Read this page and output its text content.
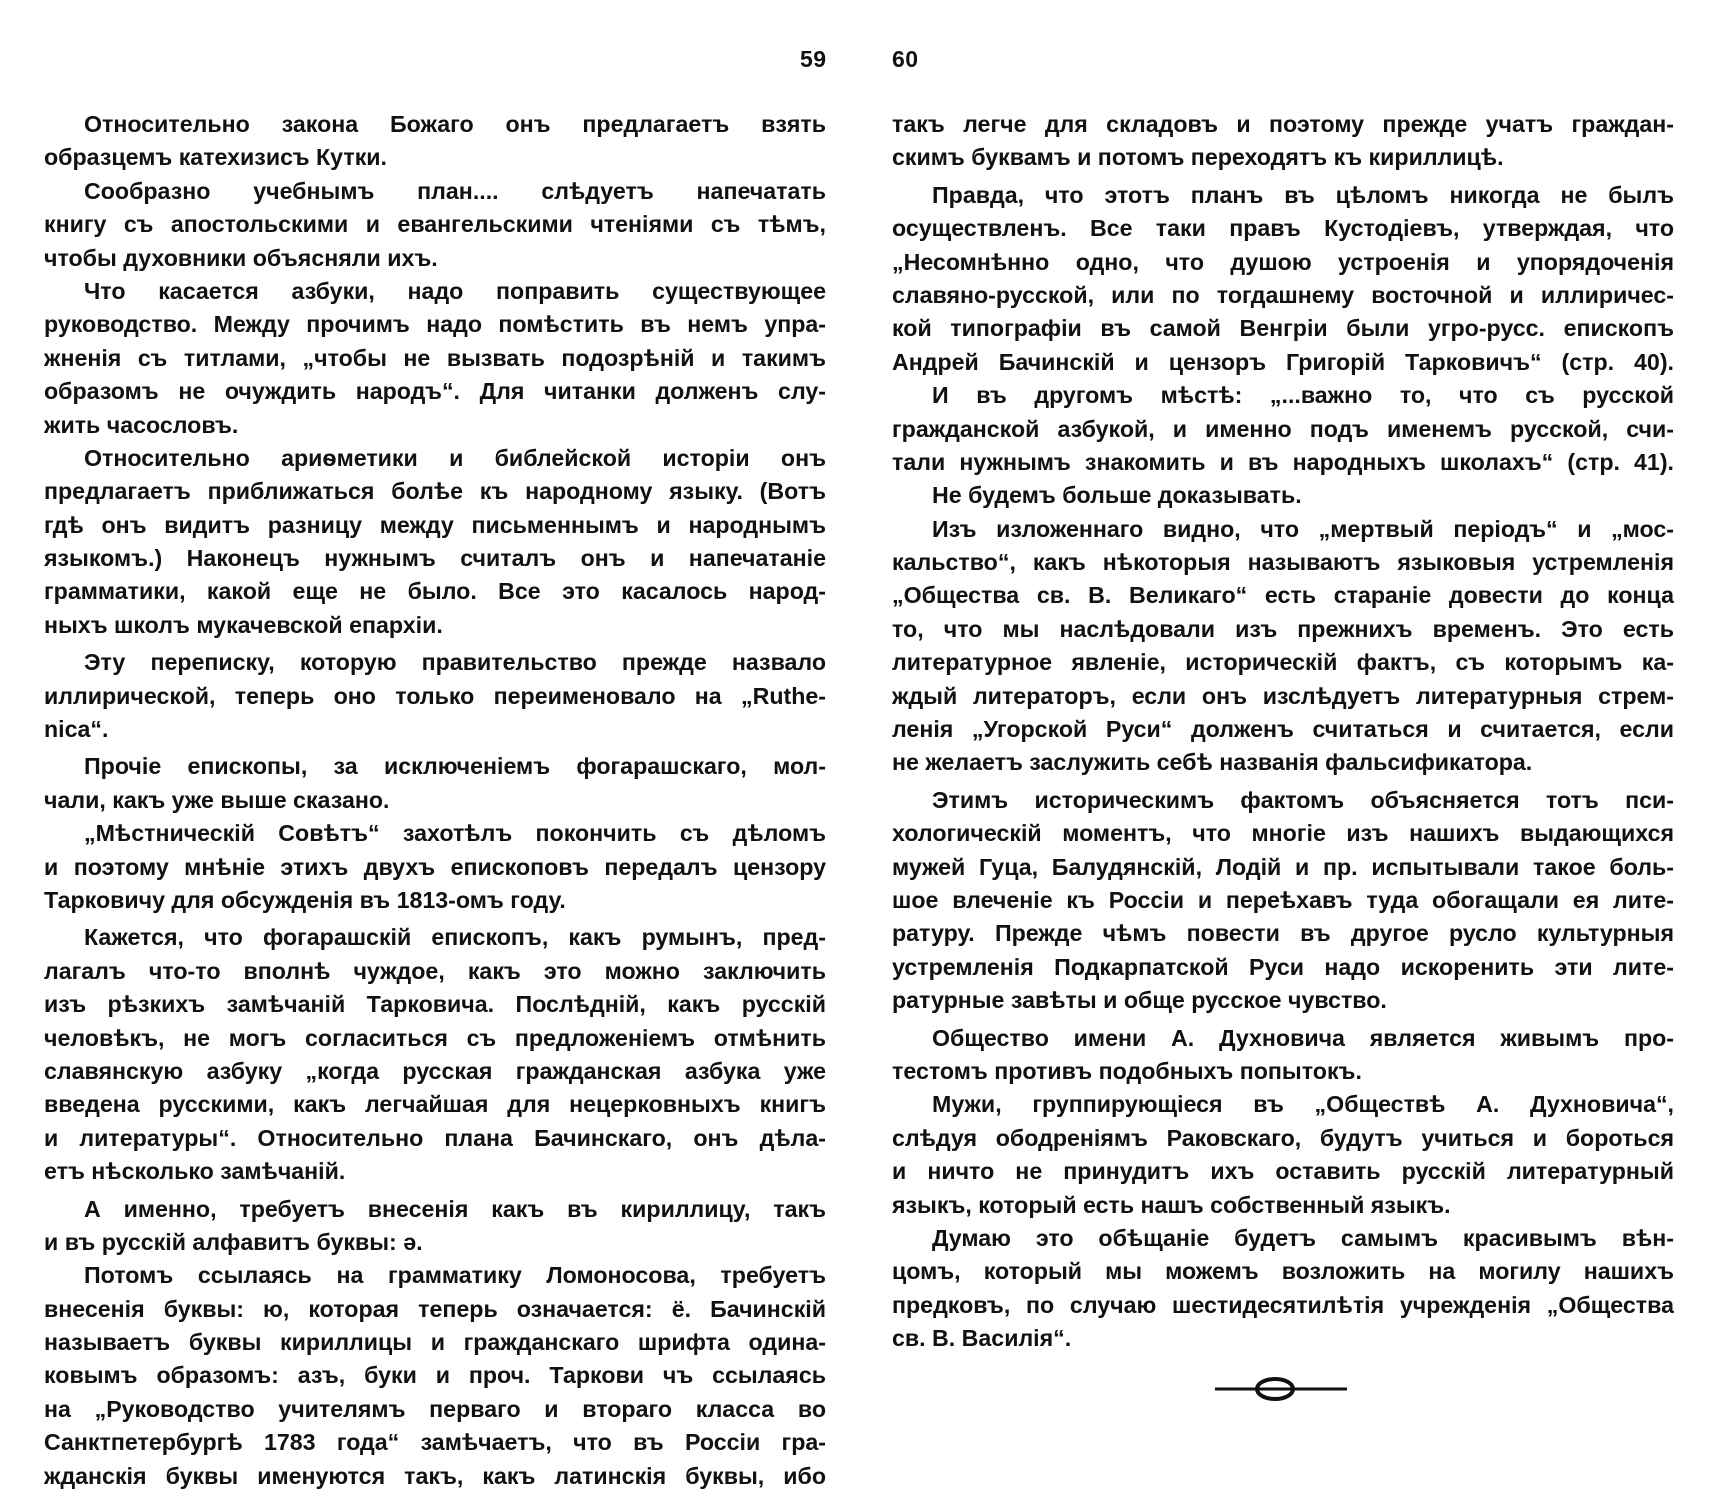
59
Относительно закона Божаго онъ предлагаетъ взять
образцемъ катехизисъ Кутки.
Сообразно учебнымъ план.... слѣдуетъ напечатать
книгу съ апостольскими и евангельскими чтеніями съ тѣмъ,
чтобы духовники объясняли ихъ.
Что касается азбуки, надо поправить существующее
руководство. Между прочимъ надо помѣстить въ немъ упра-
жненія съ титлами, „чтобы не вызвать подозрѣній и такимъ
образомъ не очуждить народъ“. Для читанки долженъ слу-
жить часословъ.
Относительно ариѳметики и библейской исторіи онъ
предлагаетъ приближаться болѣе къ народному языку. (Вотъ
гдѣ онъ видитъ разницу между письменнымъ и народнымъ
языкомъ.) Наконецъ нужнымъ считалъ онъ и напечатаніе
грамматики, какой еще не было. Все это касалось народ-
ныхъ школъ мукачевской епархіи.
Эту переписку, которую правительство прежде назвало
иллирической, теперь оно только переименовало на „Ruthe-
nica“.
Прочіе епископы, за исключеніемъ фогарашскаго, мол-
чали, какъ уже выше сказано.
„Мѣстническій Совѣтъ“ захотѣлъ покончить съ дѣломъ
и поэтому мнѣніе этихъ двухъ епископовъ передалъ цензору
Тарковичу для обсужденія въ 1813-омъ году.
Кажется, что фогарашскій епископъ, какъ румынъ, пред-
лагалъ что-то вполнѣ чуждое, какъ это можно заключить
изъ рѣзкихъ замѣчаній Тарковича. Послѣдній, какъ русскій
человѣкъ, не могъ согласиться съ предложеніемъ отмѣнить
славянскую азбуку „когда русская гражданская азбука уже
введена русскими, какъ легчайшая для нецерковныхъ книгъ
и литературы“. Относительно плана Бачинскаго, онъ дѣла-
етъ нѣсколько замѣчаній.
А именно, требуетъ внесенія какъ въ кириллицу, такъ
и въ русскій алфавитъ буквы: ә.
Потомъ ссылаясь на грамматику Ломоносова, требуетъ
внесенія буквы: ю, которая теперь означается: ё. Бачинскій
называетъ буквы кириллицы и гражданскаго шрифта одина-
ковымъ образомъ: азъ, буки и проч. Таркови чъ ссылаясь
на „Руководство учителямъ перваго и втораго класса во
Санктпетербургѣ 1783 года“ замѣчаетъ, что въ Россіи гра-
жданскія буквы именуются такъ, какъ латинскія буквы, ибо
60
такъ легче для складовъ и поэтому прежде учатъ граждан-
скимъ буквамъ и потомъ переходятъ къ кириллицѣ.
Правда, что этотъ планъ въ цѣломъ никогда не былъ
осуществленъ. Все таки правъ Кустодіевъ, утверждая, что
„Несомнѣнно одно, что душою устроенія и упорядоченія
славяно-русской, или по тогдашнему восточной и иллиричес-
кой типографіи въ самой Венгріи были угро-русс. епископъ
Андрей Бачинскій и цензоръ Григорій Тарковичъ“ (стр. 40).
И въ другомъ мѣстѣ: „...важно то, что съ русской
гражданской азбукой, и именно подъ именемъ русской, счи-
тали нужнымъ знакомить и въ народныхъ школахъ“ (стр. 41).
Не будемъ больше доказывать.
Изъ изложеннаго видно, что „мертвый періодъ“ и „мос-
кальство“, какъ нѣкоторыя называютъ языковыя устремленія
„Общества св. В. Великаго“ есть стараніе довести до конца
то, что мы наслѣдовали изъ прежнихъ временъ. Это есть
литературное явленіе, историческій фактъ, съ которымъ ка-
ждый литераторъ, если онъ изслѣдуетъ литературныя стрем-
ленія „Угорской Руси“ долженъ считаться и считается, если
не желаетъ заслужить себѣ названія фальсификатора.
Этимъ историческимъ фактомъ объясняется тотъ пси-
хологическій моментъ, что многіе изъ нашихъ выдающихся
мужей Гуца, Балудянскій, Лодій и пр. испытывали такое боль-
шое влеченіе къ Россіи и переѣхавъ туда обогащали ея лите-
ратуру. Прежде чѣмъ повести въ другое русло культурныя
устремленія Подкарпатской Руси надо искоренить эти лите-
ратурные завѣты и обще русское чувство.
Общество имени А. Духновича является живымъ про-
тестомъ противъ подобныхъ попытокъ.
Мужи, группирующіеся въ „Обществѣ А. Духновича“,
слѣдуя ободреніямъ Раковскаго, будутъ учиться и бороться
и ничто не принудитъ ихъ оставить русскій литературный
языкъ, который есть нашъ собственный языкъ.
Думаю это обѣщаніе будетъ самымъ красивымъ вѣн-
цомъ, который мы можемъ возложить на могилу нашихъ
предковъ, по случаю шестидесятилѣтія учрежденія „Общества
св. В. Василія“.
